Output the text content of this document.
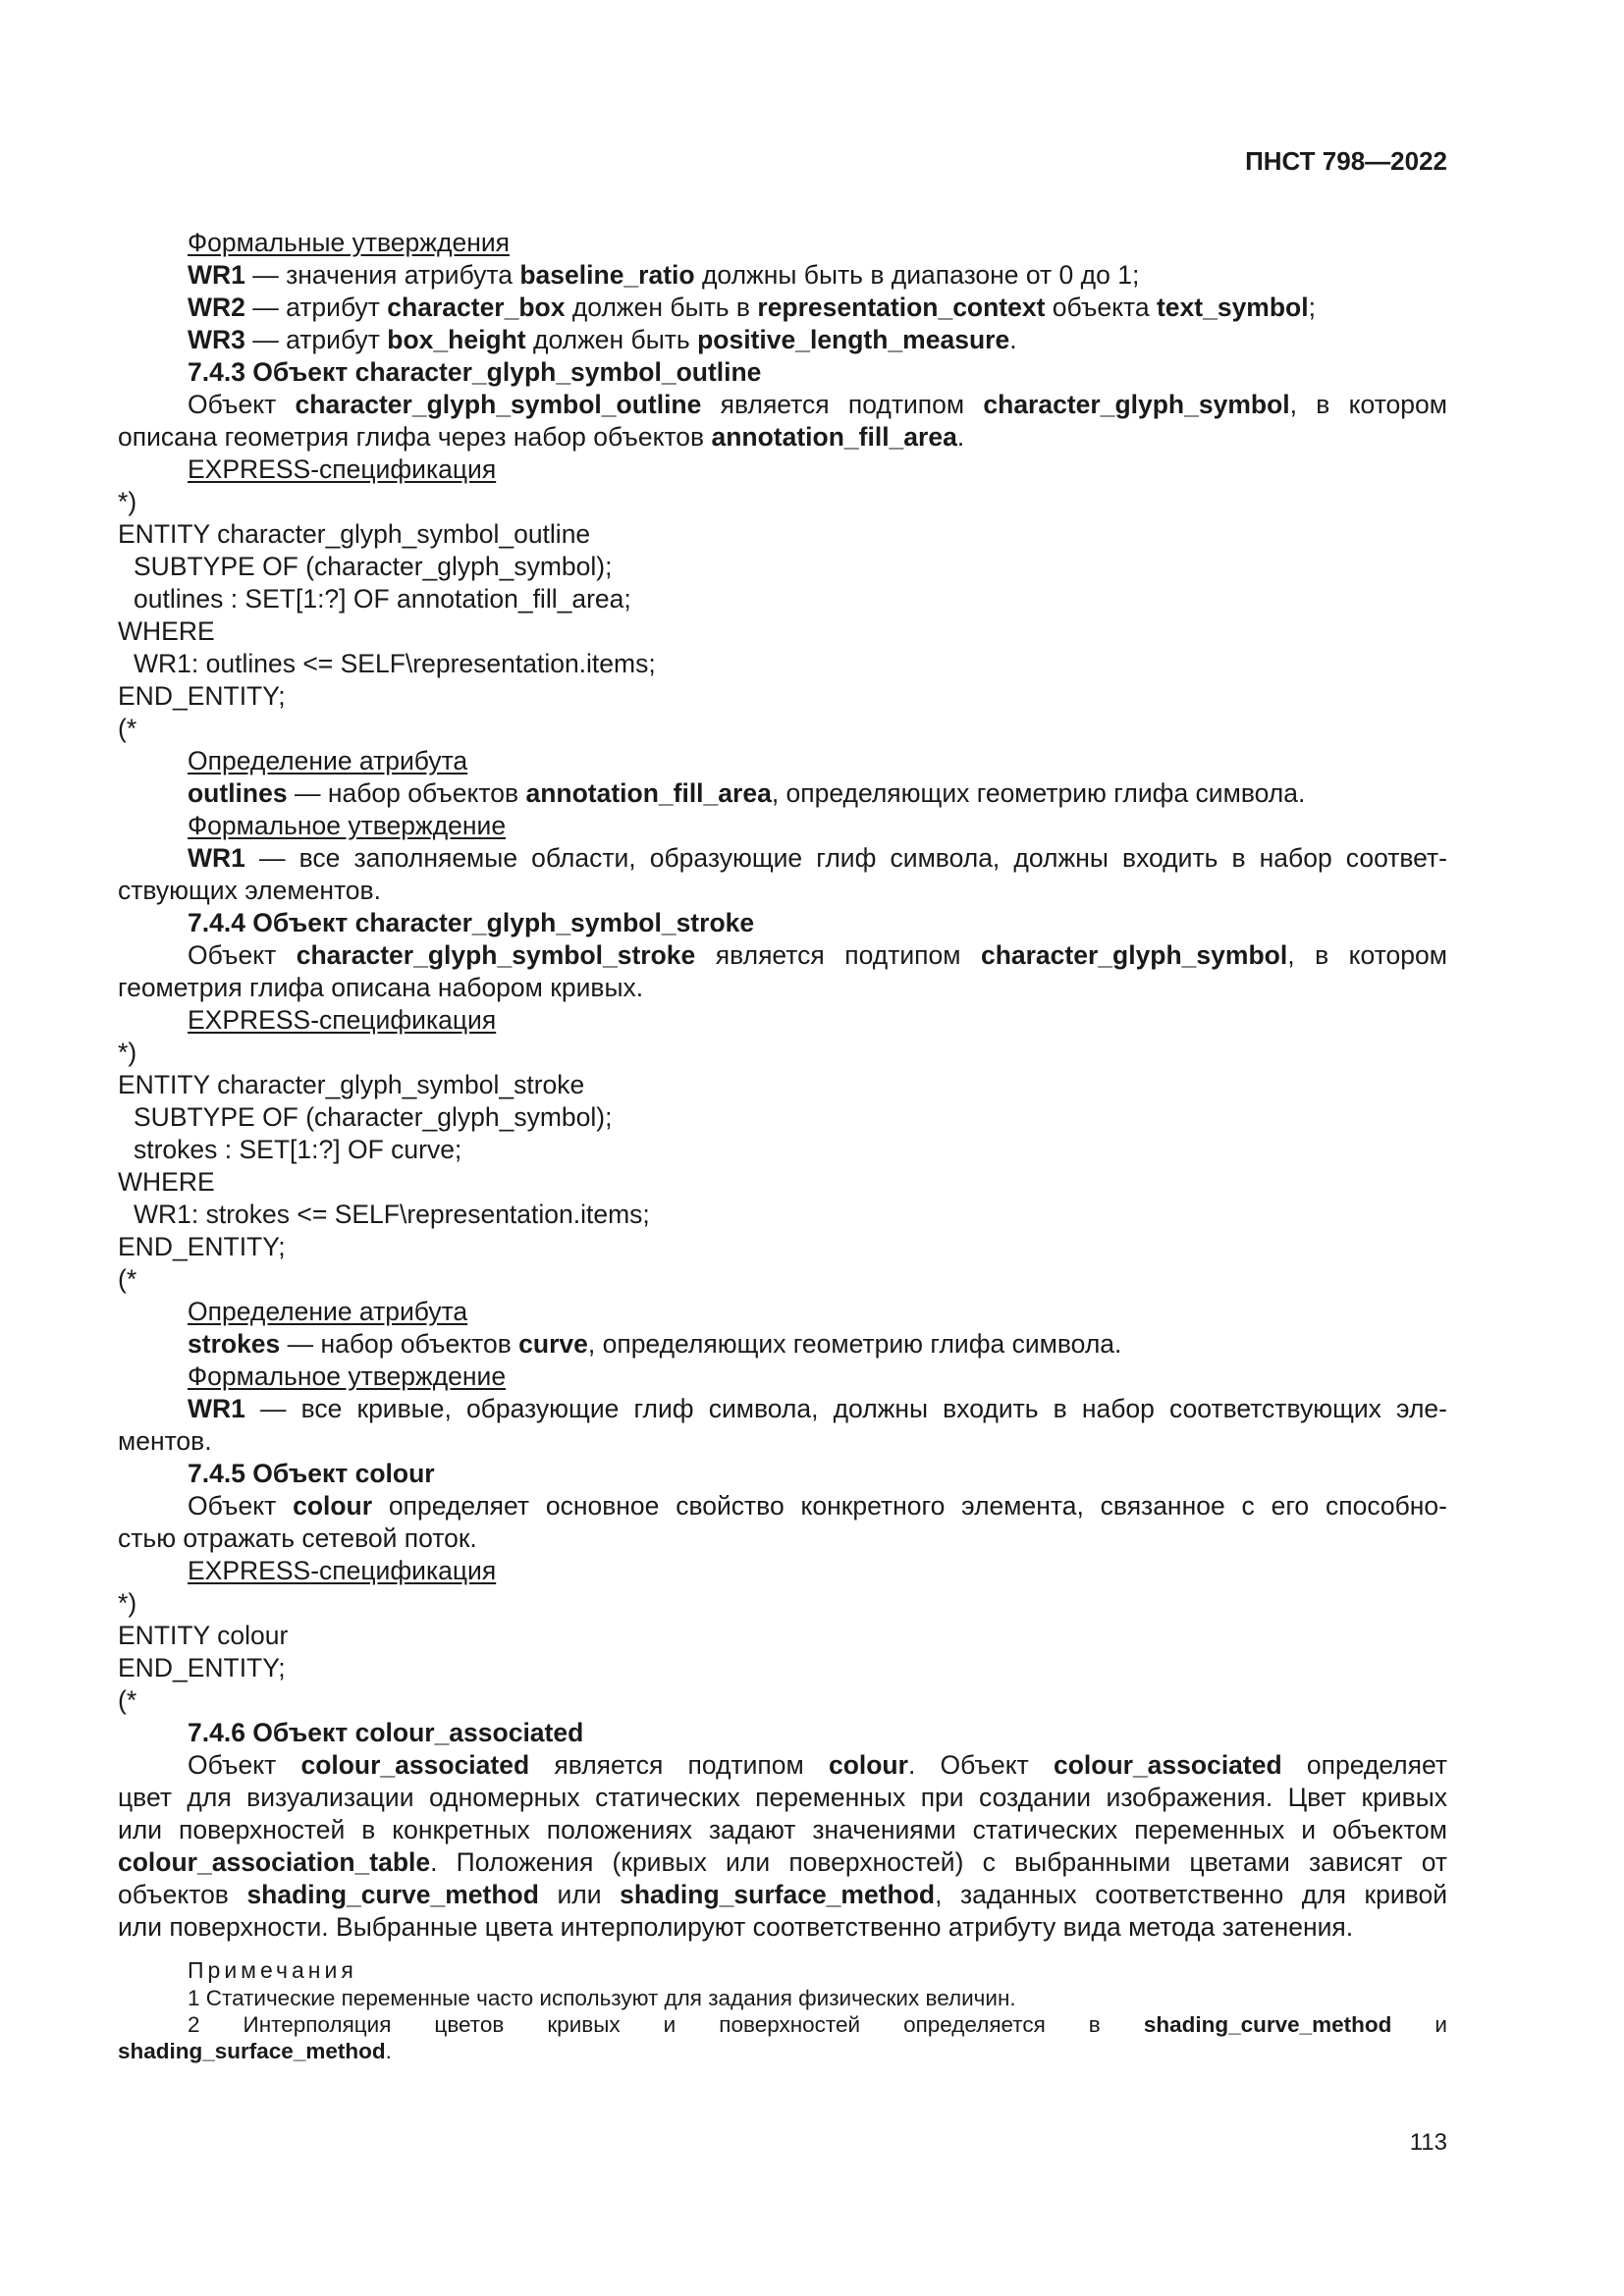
ПНСТ 798—2022

Формальные утверждения

WR1 — значения атрибута baseline_ratio должны быть в диапазоне от 0 до 1;

WR2 — атрибут character_box должен быть в representation_context объекта text_symbol;

WR3 — атрибут box_height должен быть positive_length_measure.

7.4.3 Объект character_glyph_symbol_outline

Объект character_glyph_symbol_outline является подтипом character_glyph_symbol, в котором

описана геометрия глифа через набор объектов annotation_fill_area.

EXPRESS-спецификация

*)

ENTITY character_glyph_symbol_outline

SUBTYPE OF (character_glyph_symbol);

outlines : SET[1:?] OF annotation_fill_area;

WHERE

WR1: outlines <= SELF\representation.items;

END_ENTITY;

(*

Определение атрибута

outlines — набор объектов annotation_fill_area, определяющих геометрию глифа символа.

Формальное утверждение

WR1 — все заполняемые области, образующие глиф символа, должны входить в набор соответ-

ствующих элементов.

7.4.4 Объект character_glyph_symbol_stroke

Объект character_glyph_symbol_stroke является подтипом character_glyph_symbol, в котором

геометрия глифа описана набором кривых.

EXPRESS-спецификация

*)

ENTITY character_glyph_symbol_stroke

SUBTYPE OF (character_glyph_symbol);

strokes : SET[1:?] OF curve;

WHERE

WR1: strokes <= SELF\representation.items;

END_ENTITY;

(*

Определение атрибута

strokes — набор объектов curve, определяющих геометрию глифа символа.

Формальное утверждение

WR1 — все кривые, образующие глиф символа, должны входить в набор соответствующих эле-

ментов.

7.4.5 Объект colour

Объект colour определяет основное свойство конкретного элемента, связанное с его способно-

стью отражать сетевой поток.

EXPRESS-спецификация

*)

ENTITY colour

END_ENTITY;

(*

7.4.6 Объект colour_associated

Объект colour_associated является подтипом colour. Объект colour_associated определяет

цвет для визуализации одномерных статических переменных при создании изображения. Цвет кривых

или поверхностей в конкретных положениях задают значениями статических переменных и объектом

colour_association_table. Положения (кривых или поверхностей) с выбранными цветами зависят от

объектов shading_curve_method или shading_surface_method, заданных соответственно для кривой

или поверхности. Выбранные цвета интерполируют соответственно атрибуту вида метода затенения.

Примечания

1 Статические переменные часто используют для задания физических величин.

2 Интерполяция цветов кривых и поверхностей определяется в shading_curve_method и

shading_surface_method.

113
